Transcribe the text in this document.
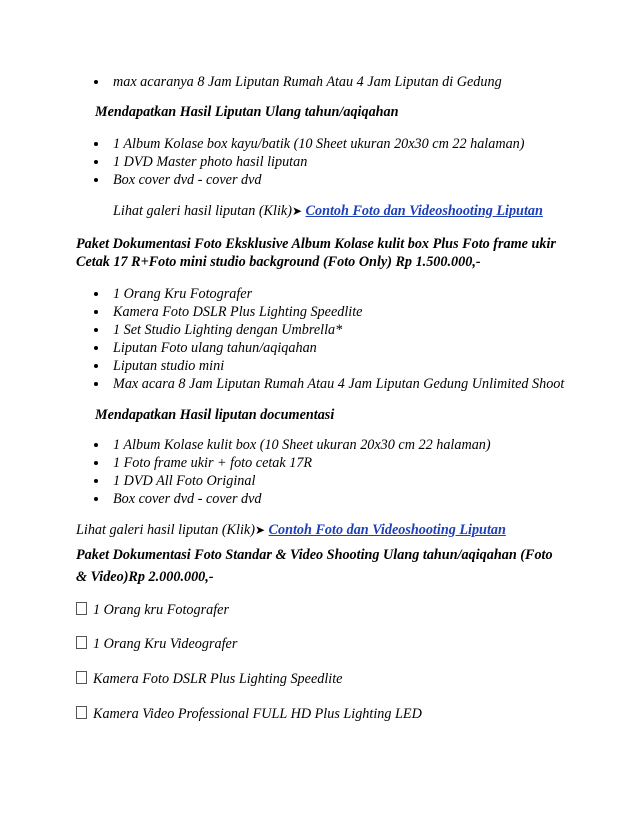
max acaranya 8 Jam Liputan Rumah Atau 4 Jam Liputan di Gedung
Mendapatkan Hasil Liputan Ulang tahun/aqiqahan
1 Album Kolase box kayu/batik (10 Sheet ukuran 20x30 cm 22 halaman)
1 DVD Master photo hasil liputan
Box cover dvd - cover dvd
Lihat galeri hasil liputan (Klik)➤ Contoh Foto dan Videoshooting Liputan
Paket Dokumentasi Foto Eksklusive Album Kolase kulit box Plus Foto frame ukir
Cetak 17 R+Foto mini studio background (Foto Only) Rp 1.500.000,-
1 Orang Kru Fotografer
Kamera Foto DSLR Plus Lighting Speedlite
1 Set Studio Lighting dengan Umbrella*
Liputan Foto ulang tahun/aqiqahan
Liputan studio mini
Max acara 8 Jam Liputan Rumah Atau 4 Jam Liputan Gedung Unlimited Shoot
Mendapatkan Hasil liputan documentasi
1 Album Kolase kulit box (10 Sheet ukuran 20x30 cm 22 halaman)
1 Foto frame ukir + foto cetak 17R
1 DVD All Foto Original
Box cover dvd - cover dvd
Lihat galeri hasil liputan (Klik)➤ Contoh Foto dan Videoshooting Liputan
Paket Dokumentasi Foto Standar & Video Shooting Ulang tahun/aqiqahan (Foto
& Video)Rp 2.000.000,-
1 Orang kru Fotografer
1 Orang Kru Videografer
Kamera Foto DSLR Plus Lighting Speedlite
Kamera Video Professional FULL HD Plus Lighting LED
